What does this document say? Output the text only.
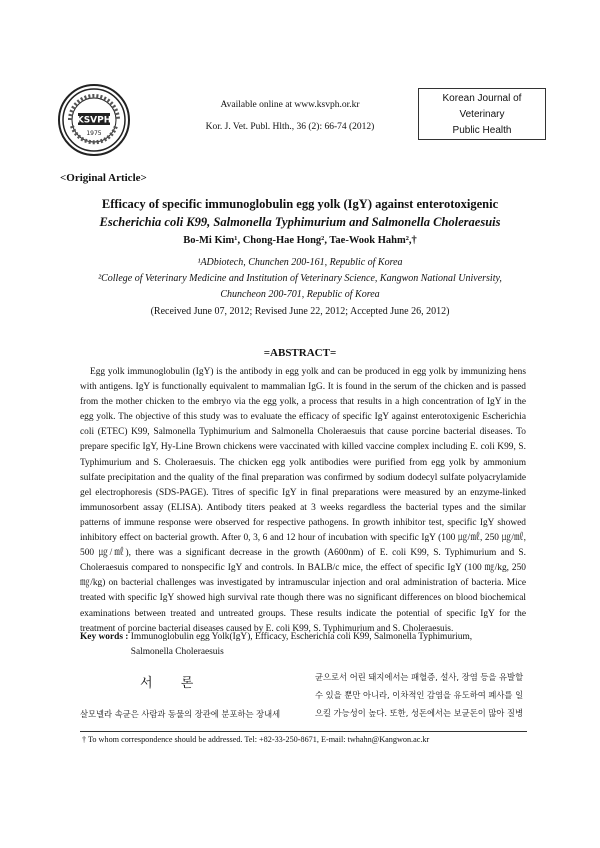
KSVPH
1975
Available online at www.ksvph.or.kr
Kor. J. Vet. Publ. Hlth., 36 (2): 66-74 (2012)
Korean Journal of
Veterinary
Public Health
<Original Article>
Efficacy of specific immunoglobulin egg yolk (IgY) against enterotoxigenic
Escherichia coli K99, Salmonella Typhimurium and Salmonella Choleraesuis
Bo-Mi Kim¹, Chong-Hae Hong², Tae-Wook Hahm²,†
¹ADbiotech, Chunchen 200-161, Republic of Korea
²College of Veterinary Medicine and Institution of Veterinary Science, Kangwon National University,
Chuncheon 200-701, Republic of Korea
(Received June 07, 2012; Revised June 22, 2012; Accepted June 26, 2012)
=ABSTRACT=
Egg yolk immunoglobulin (IgY) is the antibody in egg yolk and can be produced in egg yolk by immunizing hens with antigens. IgY is functionally equivalent to mammalian IgG. It is found in the serum of the chicken and is passed from the mother chicken to the embryo via the egg yolk, a process that results in a high concentration of IgY in the egg yolk. The objective of this study was to evaluate the efficacy of specific IgY against enterotoxigenic Escherichia coli (ETEC) K99, Salmonella Typhimurium and Salmonella Choleraesuis that cause porcine bacterial diseases. To prepare specific IgY, Hy-Line Brown chickens were vaccinated with killed vaccine complex including E. coli K99, S. Typhimurium and S. Choleraesuis. The chicken egg yolk antibodies were purified from egg yolk by ammonium sulfate precipitation and the quality of the final preparation was confirmed by sodium dodecyl sulfate polyacrylamide gel electrophoresis (SDS-PAGE). Titres of specific IgY in final preparations were measured by an enzyme-linked immunosorbent assay (ELISA). Antibody titers peaked at 3 weeks regardless the bacterial types and the similar patterns of immune response were observed for respective pathogens. In growth inhibitor test, specific IgY showed inhibitory effect on bacterial growth. After 0, 3, 6 and 12 hour of incubation with specific IgY (100 ㎍/㎖, 250 ㎍/㎖, 500 ㎍/㎖), there was a significant decrease in the growth (A600nm) of E. coli K99, S. Typhimurium and S. Choleraesuis compared to nonspecific IgY and controls. In BALB/c mice, the effect of specific IgY (100 ㎎/kg, 250 ㎎/kg) on bacterial challenges was investigated by intramuscular injection and oral administration of bacteria. Mice treated with specific IgY showed high survival rate though there was no significant differences on blood biochemical examinations between treated and untreated groups. These results indicate the potential of specific IgY for the treatment of porcine bacterial diseases caused by E. coli K99, S. Typhimurium and S. Choleraesuis.
Key words : Immunoglobulin egg Yolk(IgY), Efficacy, Escherichia coli K99, Salmonella Typhimurium, Salmonella Choleraesuis
서 론
살모넬라 속균은 사람과 동물의 장관에 분포하는 장내세
균으로서 어린 돼지에서는 패혈증, 설사, 장염 등을 유발할 수 있을 뿐만 아니라, 이차적인 감염을 유도하여 폐사를 일으킬 가능성이 높다. 또한, 성돈에서는 보균돈이 많아 질병
† To whom correspondence should be addressed. Tel: +82-33-250-8671, E-mail: twhahn@Kangwon.ac.kr
